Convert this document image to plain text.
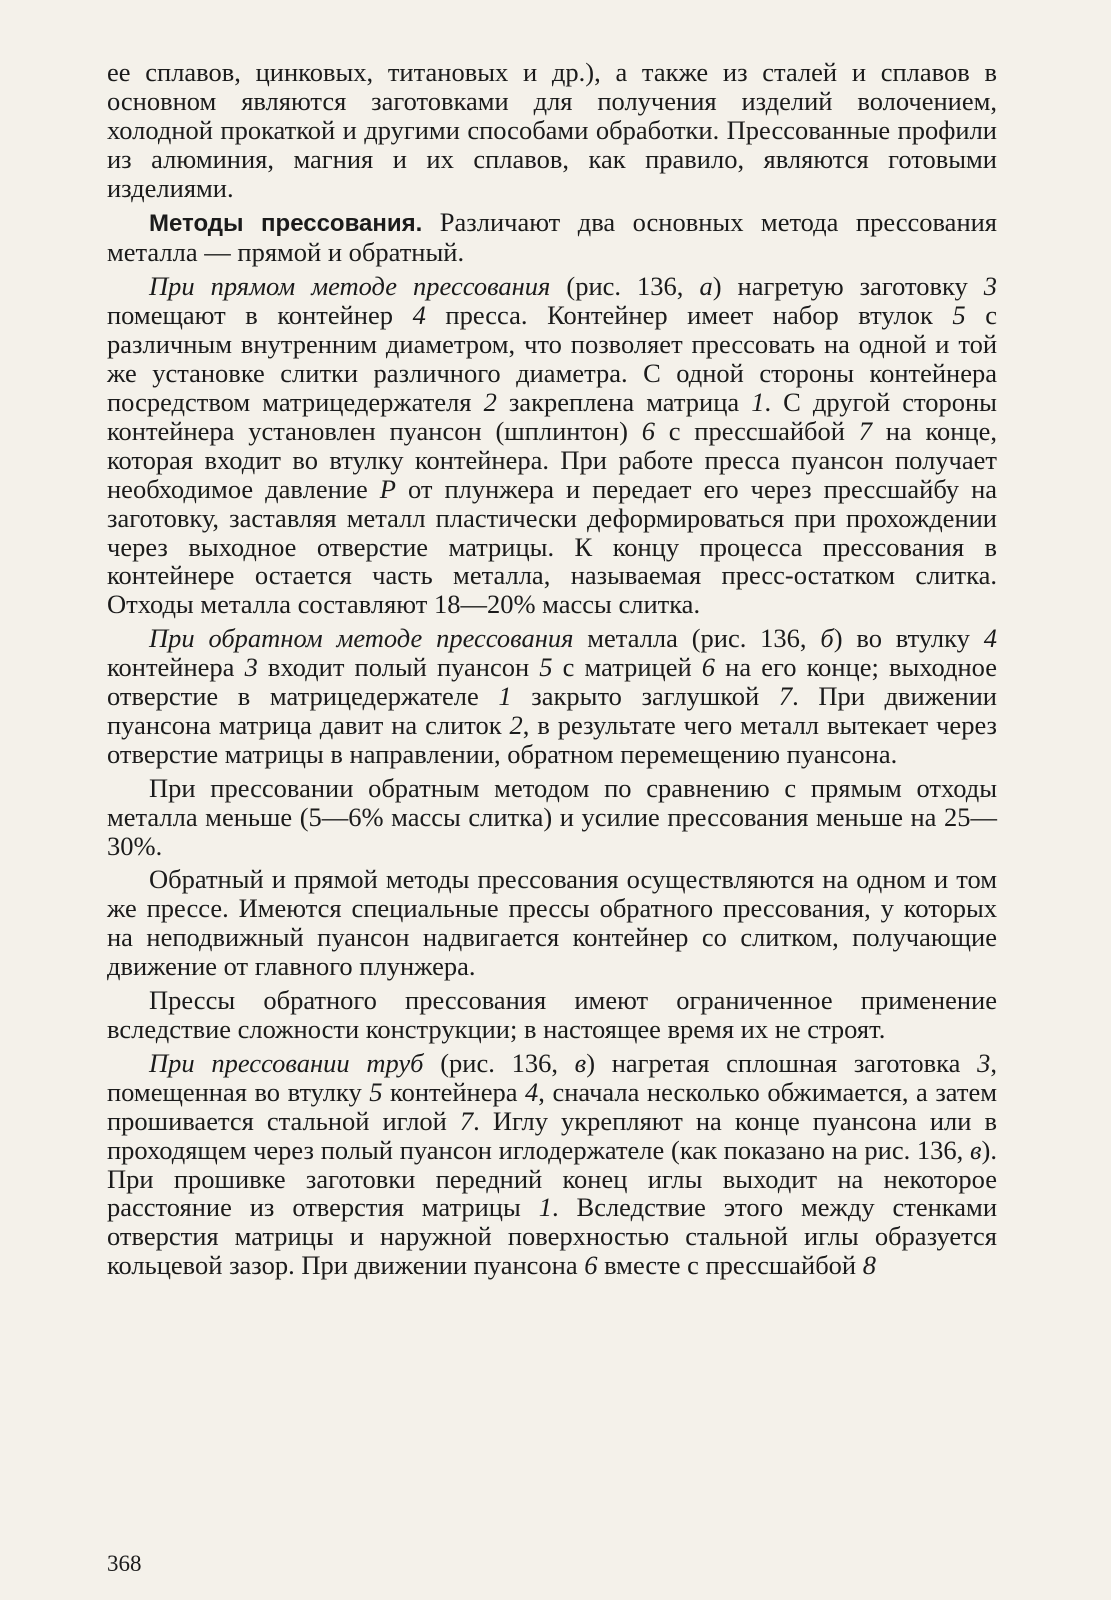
ее сплавов, цинковых, титановых и др.), а также из сталей и сплавов в основном являются заготовками для получения изделий волочением, холодной прокаткой и другими способами обработки. Прессованные профили из алюминия, магния и их сплавов, как правило, являются готовыми изделиями.

Методы прессования. Различают два основных метода прессования металла — прямой и обратный.

При прямом методе прессования (рис. 136, а) нагретую заготовку 3 помещают в контейнер 4 пресса. Контейнер имеет набор втулок 5 с различным внутренним диаметром, что позволяет прессовать на одной и той же установке слитки различного диаметра. С одной стороны контейнера посредством матрицедержателя 2 закреплена матрица 1. С другой стороны контейнера установлен пуансон (шплинтон) 6 с прессшайбой 7 на конце, которая входит во втулку контейнера. При работе пресса пуансон получает необходимое давление P от плунжера и передает его через прессшайбу на заготовку, заставляя металл пластически деформироваться при прохождении через выходное отверстие матрицы. К концу процесса прессования в контейнере остается часть металла, называемая пресс-остатком слитка. Отходы металла составляют 18—20% массы слитка.

При обратном методе прессования металла (рис. 136, б) во втулку 4 контейнера 3 входит полый пуансон 5 с матрицей 6 на его конце; выходное отверстие в матрицедержателе 1 закрыто заглушкой 7. При движении пуансона матрица давит на слиток 2, в результате чего металл вытекает через отверстие матрицы в направлении, обратном перемещению пуансона.

При прессовании обратным методом по сравнению с прямым отходы металла меньше (5—6% массы слитка) и усилие прессования меньше на 25—30%.

Обратный и прямой методы прессования осуществляются на одном и том же прессе. Имеются специальные прессы обратного прессования, у которых на неподвижный пуансон надвигается контейнер со слитком, получающие движение от главного плунжера.

Прессы обратного прессования имеют ограниченное применение вследствие сложности конструкции; в настоящее время их не строят.

При прессовании труб (рис. 136, в) нагретая сплошная заготовка 3, помещенная во втулку 5 контейнера 4, сначала несколько обжимается, а затем прошивается стальной иглой 7. Иглу укрепляют на конце пуансона или в проходящем через полый пуансон иглодержателе (как показано на рис. 136, в). При прошивке заготовки передний конец иглы выходит на некоторое расстояние из отверстия матрицы 1. Вследствие этого между стенками отверстия матрицы и наружной поверхностью стальной иглы образуется кольцевой зазор. При движении пуансона 6 вместе с прессшайбой 8

368
